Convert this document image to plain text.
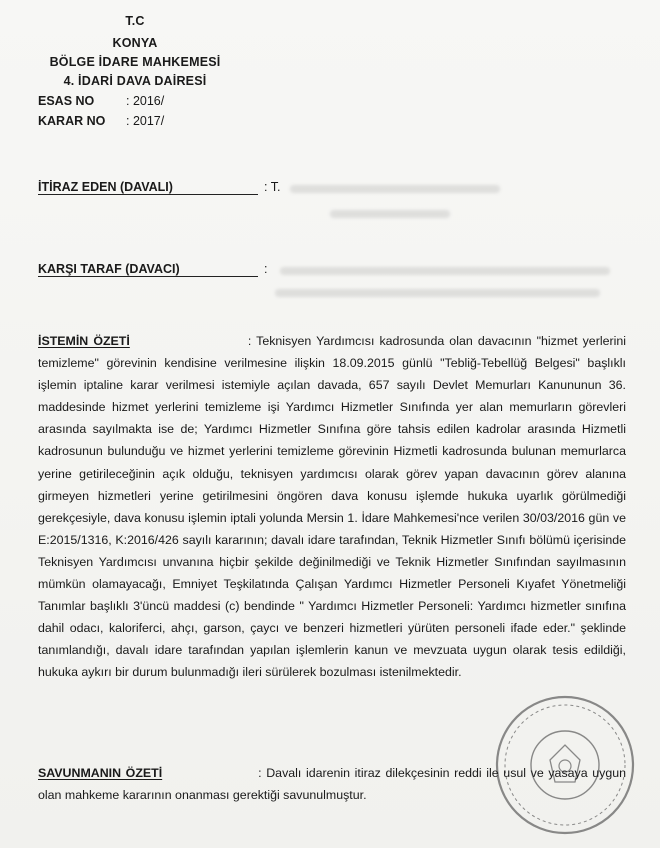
T.C
KONYA
BÖLGE İDARE MAHKEMESİ
4. İDARİ DAVA DAİRESİ
ESAS NO	: 2016/
KARAR NO : 2017/
İTİRAZ EDEN (DAVALI)	: T.
KARŞI TARAF (DAVACI)	:
İSTEMİN ÖZETİ	: Teknisyen Yardımcısı kadrosunda olan davacının "hizmet yerlerini temizleme" görevinin kendisine verilmesine ilişkin 18.09.2015 günlü "Tebliğ-Tebellüğ Belgesi" başlıklı işlemin iptaline karar verilmesi istemiyle açılan davada, 657 sayılı Devlet Memurları Kanununun 36. maddesinde hizmet yerlerini temizleme işi Yardımcı Hizmetler Sınıfında yer alan memurların görevleri arasında sayılmakta ise de; Yardımcı Hizmetler Sınıfına göre tahsis edilen kadrolar arasında Hizmetli kadrosunun bulunduğu ve hizmet yerlerini temizleme görevinin Hizmetli kadrosunda bulunan memurlarca yerine getirileceğinin açık olduğu, teknisyen yardımcısı olarak görev yapan davacının görev alanına girmeyen hizmetleri yerine getirilmesini öngören dava konusu işlemde hukuka uyarlık görülmediği gerekçesiyle, dava konusu işlemin iptali yolunda Mersin 1. İdare Mahkemesi'nce verilen 30/03/2016 gün ve E:2015/1316, K:2016/426 sayılı kararının; davalı idare tarafından, Teknik Hizmetler Sınıfı bölümü içerisinde Teknisyen Yardımcısı unvanına hiçbir şekilde değinilmediği ve Teknik Hizmetler Sınıfından sayılmasının mümkün olamayacağı, Emniyet Teşkilatında Çalışan Yardımcı Hizmetler Personeli Kıyafet Yönetmeliği Tanımlar başlıklı 3'üncü maddesi (c) bendinde " Yardımcı Hizmetler Personeli: Yardımcı hizmetler sınıfına dahil odacı, kaloriferci, ahçı, garson, çaycı ve benzeri hizmetleri yürüten personeli ifade eder." şeklinde tanımlandığı, davalı idare tarafından yapılan işlemlerin kanun ve mevzuata uygun olarak tesis edildiği, hukuka aykırı bir durum bulunmadığı ileri sürülerek bozulması istenilmektedir.
SAVUNMANIN ÖZETİ	: Davalı idarenin itiraz dilekçesinin reddi ile usul ve yasaya uygun olan mahkeme kararının onanması gerektiği savunulmuştur.
